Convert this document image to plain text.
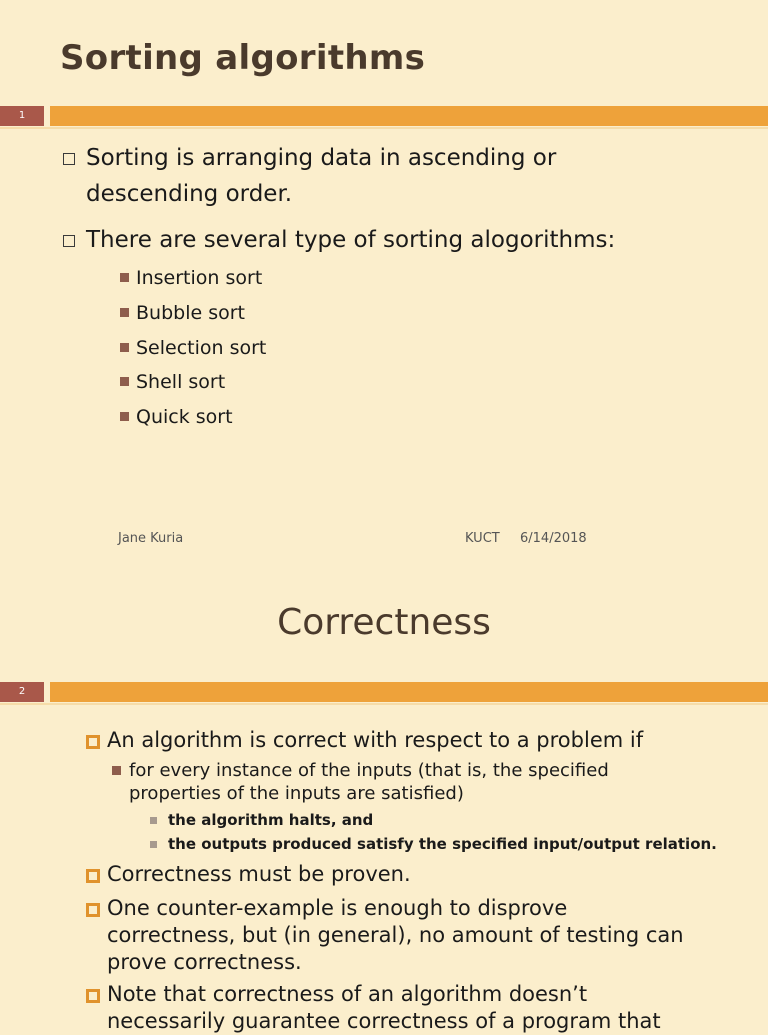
Sorting algorithms
1
Sorting is arranging data in ascending or
descending order.
There are several type of sorting alogorithms:
Insertion sort
Bubble sort
Selection sort
Shell sort
Quick sort
Jane Kuria	KUCT 6/14/2018
Correctness
2
An algorithm is correct with respect to a problem if
for every instance of the inputs (that is, the specified
properties of the inputs are satisfied)
the algorithm halts, and
the outputs produced satisfy the specified input/output relation.
Correctness must be proven.
One counter-example is enough to disprove
correctness, but (in general), no amount of testing can
prove correctness.
Note that correctness of an algorithm doesn’t
necessarily guarantee correctness of a program that
